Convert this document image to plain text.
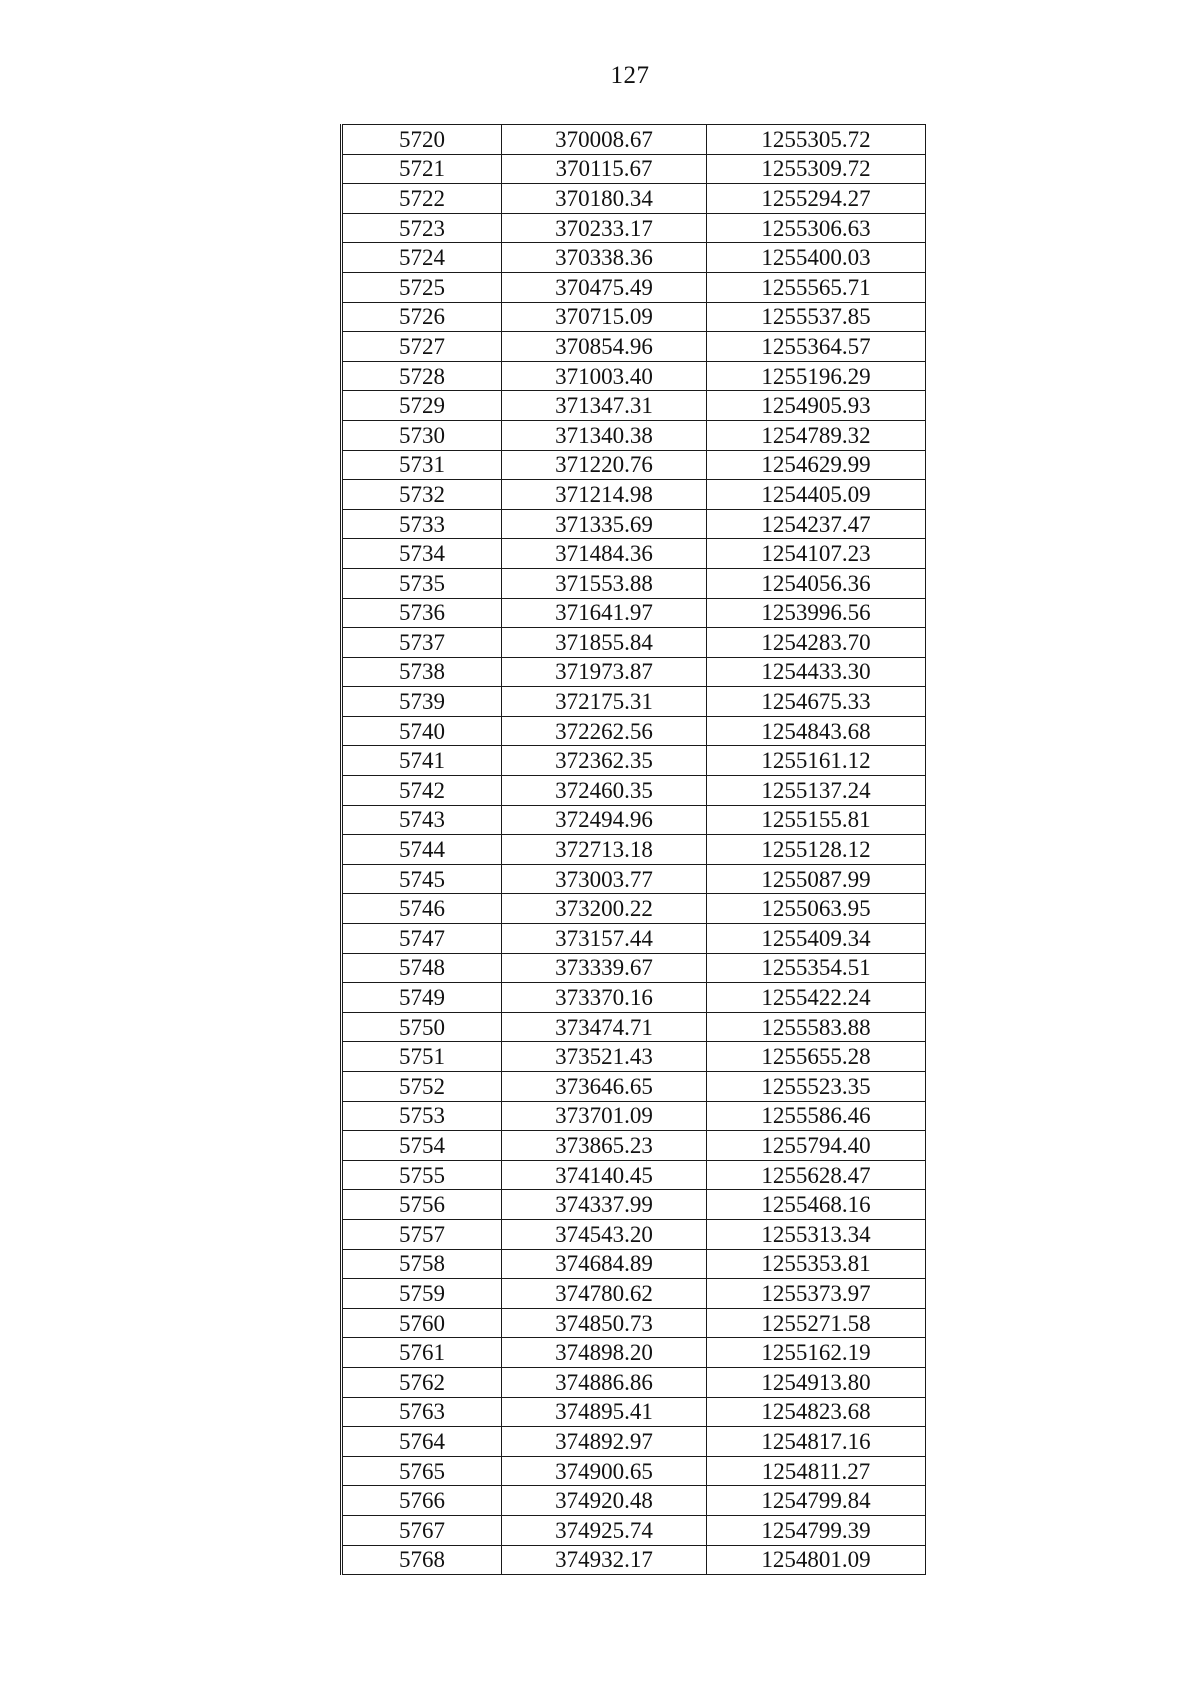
127
5720	370008.67	1255305.72
5721	370115.67	1255309.72
5722	370180.34	1255294.27
5723	370233.17	1255306.63
5724	370338.36	1255400.03
5725	370475.49	1255565.71
5726	370715.09	1255537.85
5727	370854.96	1255364.57
5728	371003.40	1255196.29
5729	371347.31	1254905.93
5730	371340.38	1254789.32
5731	371220.76	1254629.99
5732	371214.98	1254405.09
5733	371335.69	1254237.47
5734	371484.36	1254107.23
5735	371553.88	1254056.36
5736	371641.97	1253996.56
5737	371855.84	1254283.70
5738	371973.87	1254433.30
5739	372175.31	1254675.33
5740	372262.56	1254843.68
5741	372362.35	1255161.12
5742	372460.35	1255137.24
5743	372494.96	1255155.81
5744	372713.18	1255128.12
5745	373003.77	1255087.99
5746	373200.22	1255063.95
5747	373157.44	1255409.34
5748	373339.67	1255354.51
5749	373370.16	1255422.24
5750	373474.71	1255583.88
5751	373521.43	1255655.28
5752	373646.65	1255523.35
5753	373701.09	1255586.46
5754	373865.23	1255794.40
5755	374140.45	1255628.47
5756	374337.99	1255468.16
5757	374543.20	1255313.34
5758	374684.89	1255353.81
5759	374780.62	1255373.97
5760	374850.73	1255271.58
5761	374898.20	1255162.19
5762	374886.86	1254913.80
5763	374895.41	1254823.68
5764	374892.97	1254817.16
5765	374900.65	1254811.27
5766	374920.48	1254799.84
5767	374925.74	1254799.39
5768	374932.17	1254801.09
